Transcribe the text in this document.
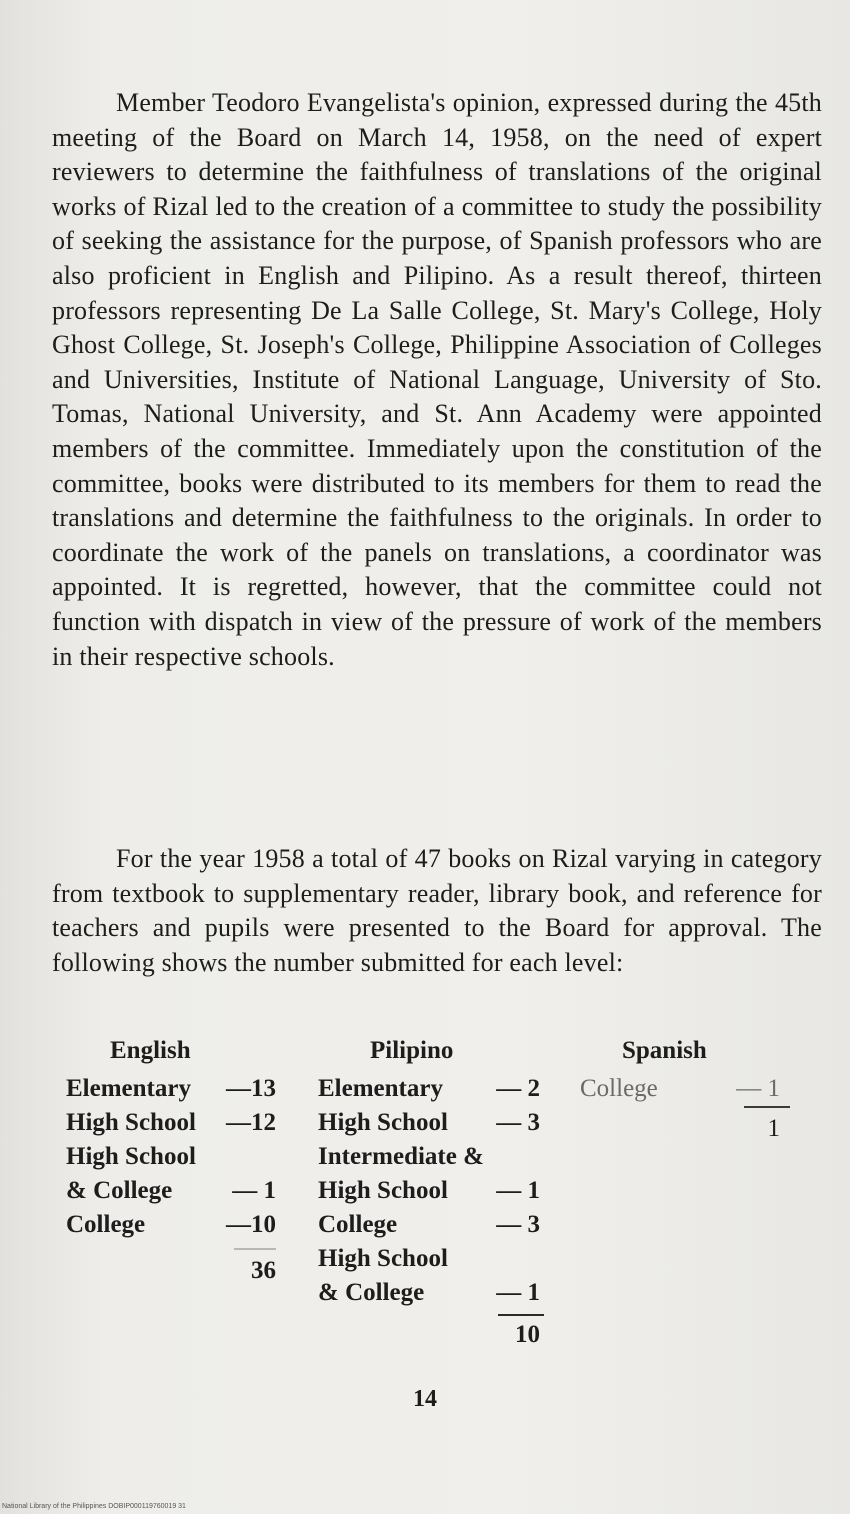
Member Teodoro Evangelista's opinion, expressed during the 45th meeting of the Board on March 14, 1958, on the need of expert reviewers to determine the faithfulness of translations of the original works of Rizal led to the creation of a committee to study the possibility of seeking the assistance for the purpose, of Spanish professors who are also proficient in English and Pilipino. As a result thereof, thirteen professors representing De La Salle College, St. Mary's College, Holy Ghost College, St. Joseph's College, Philippine Association of Colleges and Universities, Institute of National Language, University of Sto. Tomas, National University, and St. Ann Academy were appointed members of the committee. Immediately upon the constitution of the committee, books were distributed to its members for them to read the translations and determine the faithfulness to the originals. In order to coordinate the work of the panels on translations, a coordinator was appointed. It is regretted, however, that the committee could not function with dispatch in view of the pressure of work of the members in their respective schools.

For the year 1958 a total of 47 books on Rizal varying in category from textbook to supplementary reader, library book, and reference for teachers and pupils were presented to the Board for approval. The following shows the number submitted for each level:

English
Elementary —13
High School —12
High School
& College — 1
College	—10
36
Pilipino
Elementary — 2
High School — 3
Intermediate &
High School — 1
College	— 3
High School
& College	— 1
10
Spanish
College	— 1
1
14
National Library of the Philippines DOBIP000119760019 31
